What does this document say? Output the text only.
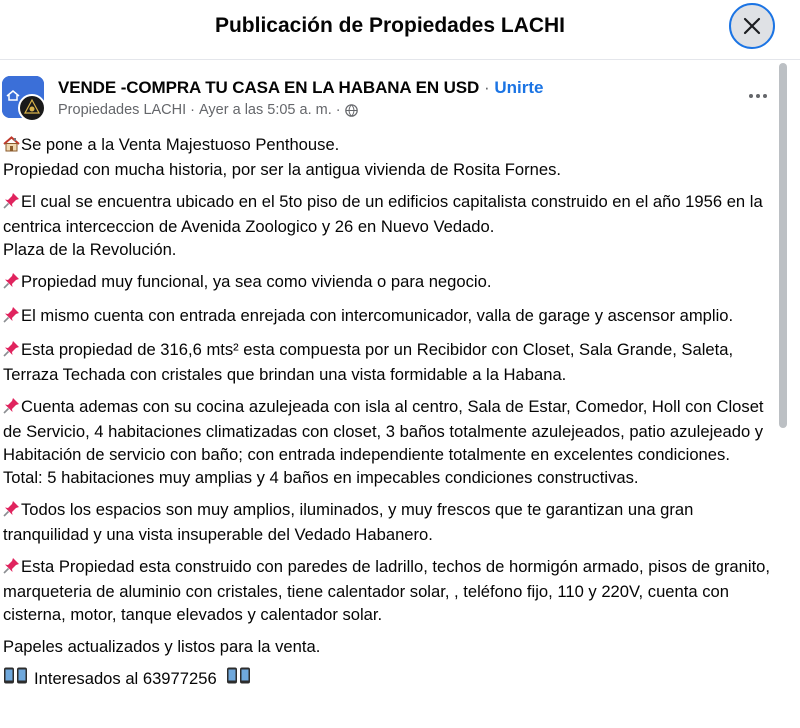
Publicación de Propiedades LACHI
VENDE -COMPRA TU CASA EN LA HABANA EN USD · Unirte
Propiedades LACHI · Ayer a las 5:05 a. m. ·
Se pone a la Venta Majestuoso Penthouse.
Propiedad con mucha historia, por ser la antigua vivienda de Rosita Fornes.
El cual se encuentra ubicado en el 5to piso de un edificios capitalista construido en el año 1956 en la centrica interceccion de Avenida Zoologico y 26 en Nuevo Vedado.
Plaza de la Revolución.
Propiedad muy funcional, ya sea como vivienda o para negocio.
El mismo cuenta con entrada enrejada con intercomunicador, valla de garage y ascensor amplio.
Esta propiedad de 316,6 mts² esta compuesta por un Recibidor con Closet, Sala Grande, Saleta, Terraza Techada con cristales que brindan una vista formidable a la Habana.
Cuenta ademas con su cocina azulejeada con isla al centro, Sala de Estar, Comedor, Holl con Closet de Servicio, 4 habitaciones climatizadas con closet, 3 baños totalmente azulejeados, patio azulejeado y Habitación de servicio con baño; con entrada independiente totalmente en excelentes condiciones.
Total: 5 habitaciones muy amplias y 4 baños en impecables condiciones constructivas.
Todos los espacios son muy amplios, iluminados, y muy frescos que te garantizan una gran tranquilidad y una vista insuperable del Vedado Habanero.
Esta Propiedad esta construido con paredes de ladrillo, techos de hormigón armado, pisos de granito, marqueteria de aluminio con cristales, tiene calentador solar, , teléfono fijo, 110 y 220V, cuenta con cisterna, motor, tanque elevados y calentador solar.
Papeles actualizados y listos para la venta.
Interesados al 63977256
